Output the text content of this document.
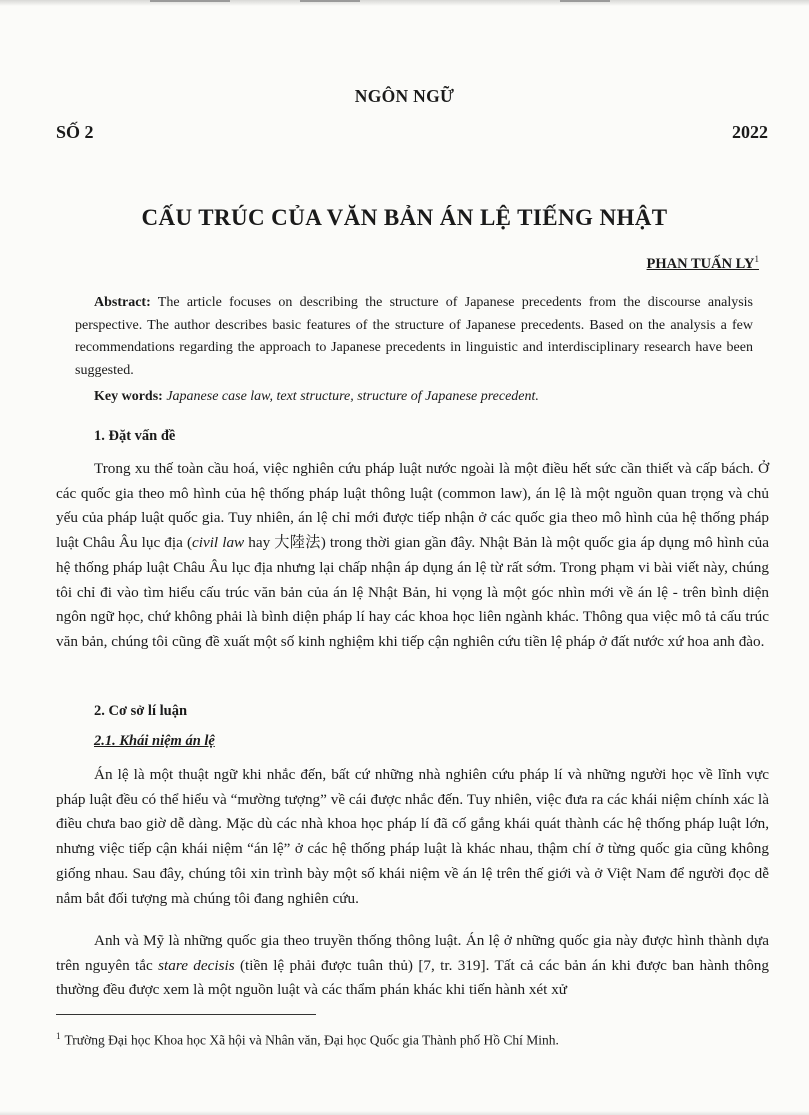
NGÔN NGỮ
SỐ 2	2022
CẤU TRÚC CỦA VĂN BẢN ÁN LỆ TIẾNG NHẬT
PHAN TUẤN $LY^1$

Abstract: The article focuses on describing the structure of Japanese precedents from the discourse analysis perspective. The author describes basic features of the structure of Japanese precedents. Based on the analysis a few recommendations regarding the approach to Japanese precedents in linguistic and interdisciplinary research have been suggested.

Key words: Japanese case law, text structure, structure of Japanese precedent.

1. Đặt vấn đề

Trong xu thế toàn cầu hoá, việc nghiên cứu pháp luật nước ngoài là một điều hết sức cần thiết và cấp bách. Ở các quốc gia theo mô hình của hệ thống pháp luật thông luật (common law), án lệ là một nguồn quan trọng và chủ yếu của pháp luật quốc gia. Tuy nhiên, án lệ chỉ mới được tiếp nhận ở các quốc gia theo mô hình của hệ thống pháp luật Châu Âu lục địa (civil law hay 大陸法) trong thời gian gần đây. Nhật Bản là một quốc gia áp dụng mô hình của hệ thống pháp luật Châu Âu lục địa nhưng lại chấp nhận áp dụng án lệ từ rất sớm. Trong phạm vi bài viết này, chúng tôi chỉ đi vào tìm hiểu cấu trúc văn bản của án lệ Nhật Bản, hi vọng là một góc nhìn mới về án lệ - trên bình diện ngôn ngữ học, chứ không phải là bình diện pháp lí hay các khoa học liên ngành khác. Thông qua việc mô tả cấu trúc văn bản, chúng tôi cũng đề xuất một số kinh nghiệm khi tiếp cận nghiên cứu tiền lệ pháp ở đất nước xứ hoa anh đào.

2. Cơ sở lí luận

2.1. Khái niệm án lệ

Án lệ là một thuật ngữ khi nhắc đến, bất cứ những nhà nghiên cứu pháp lí và những người học về lĩnh vực pháp luật đều có thể hiểu và “mường tượng” về cái được nhắc đến. Tuy nhiên, việc đưa ra các khái niệm chính xác là điều chưa bao giờ dễ dàng. Mặc dù các nhà khoa học pháp lí đã cố gắng khái quát thành các hệ thống pháp luật lớn, nhưng việc tiếp cận khái niệm “án lệ” ở các hệ thống pháp luật là khác nhau, thậm chí ở từng quốc gia cũng không giống nhau. Sau đây, chúng tôi xin trình bày một số khái niệm về án lệ trên thế giới và ở Việt Nam để người đọc dễ nắm bắt đối tượng mà chúng tôi đang nghiên cứu.

Anh và Mỹ là những quốc gia theo truyền thống thông luật. Án lệ ở những quốc gia này được hình thành dựa trên nguyên tắc stare decisis (tiền lệ phải được tuân thủ) [7, tr. 319]. Tất cả các bản án khi được ban hành thông thường đều được xem là một nguồn luật và các thẩm phán khác khi tiến hành xét xử

$^1$ Trường Đại học Khoa học Xã hội và Nhân văn, Đại học Quốc gia Thành phố Hồ Chí Minh.
